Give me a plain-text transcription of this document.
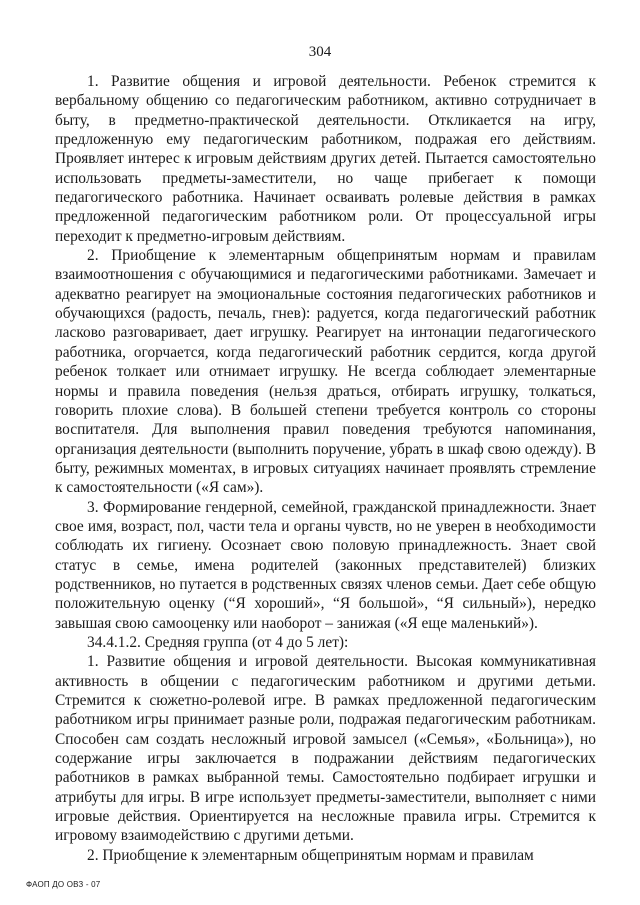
304

1. Развитие общения и игровой деятельности. Ребенок стремится к вербальному общению со педагогическим работником, активно сотрудничает в быту, в предметно-практической деятельности. Откликается на игру, предложенную ему педагогическим работником, подражая его действиям. Проявляет интерес к игровым действиям других детей. Пытается самостоятельно использовать предметы-заместители, но чаще прибегает к помощи педагогического работника. Начинает осваивать ролевые действия в рамках предложенной педагогическим работником роли. От процессуальной игры переходит к предметно-игровым действиям.

2. Приобщение к элементарным общепринятым нормам и правилам взаимоотношения с обучающимися и педагогическими работниками. Замечает и адекватно реагирует на эмоциональные состояния педагогических работников и обучающихся (радость, печаль, гнев): радуется, когда педагогический работник ласково разговаривает, дает игрушку. Реагирует на интонации педагогического работника, огорчается, когда педагогический работник сердится, когда другой ребенок толкает или отнимает игрушку. Не всегда соблюдает элементарные нормы и правила поведения (нельзя драться, отбирать игрушку, толкаться, говорить плохие слова). В большей степени требуется контроль со стороны воспитателя. Для выполнения правил поведения требуются напоминания, организация деятельности (выполнить поручение, убрать в шкаф свою одежду). В быту, режимных моментах, в игровых ситуациях начинает проявлять стремление к самостоятельности («Я сам»).

3. Формирование гендерной, семейной, гражданской принадлежности. Знает свое имя, возраст, пол, части тела и органы чувств, но не уверен в необходимости соблюдать их гигиену. Осознает свою половую принадлежность. Знает свой статус в семье, имена родителей (законных представителей) близких родственников, но путается в родственных связях членов семьи. Дает себе общую положительную оценку (“Я хороший», “Я большой», “Я сильный»), нередко завышая свою самооценку или наоборот – занижая («Я еще маленький»).

34.4.1.2. Средняя группа (от 4 до 5 лет):

1. Развитие общения и игровой деятельности. Высокая коммуникативная активность в общении с педагогическим работником и другими детьми. Стремится к сюжетно-ролевой игре. В рамках предложенной педагогическим работником игры принимает разные роли, подражая педагогическим работникам. Способен сам создать несложный игровой замысел («Семья», «Больница»), но содержание игры заключается в подражании действиям педагогических работников в рамках выбранной темы. Самостоятельно подбирает игрушки и атрибуты для игры. В игре использует предметы-заместители, выполняет с ними игровые действия. Ориентируется на несложные правила игры. Стремится к игровому взаимодействию с другими детьми.

2. Приобщение к элементарным общепринятым нормам и правилам

ФАОП ДО ОВЗ - 07
